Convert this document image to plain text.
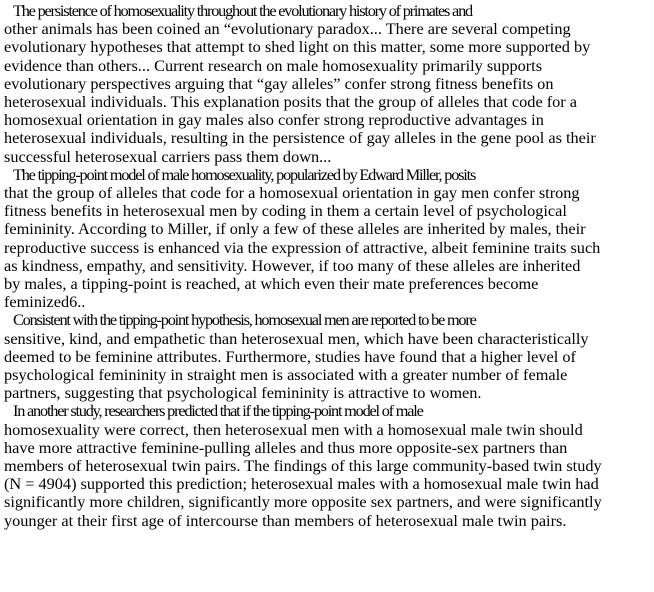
The persistence of homosexuality throughout the evolutionary history of primates and
other animals has been coined an “evolutionary paradox... There are several competing
evolutionary hypotheses that attempt to shed light on this matter, some more supported by
evidence than others... Current research on male homosexuality primarily supports
evolutionary perspectives arguing that “gay alleles” confer strong fitness benefits on
heterosexual individuals. This explanation posits that the group of alleles that code for a
homosexual orientation in gay males also confer strong reproductive advantages in
heterosexual individuals, resulting in the persistence of gay alleles in the gene pool as their
successful heterosexual carriers pass them down...

The tipping-point model of male homosexuality, popularized by Edward Miller, posits
that the group of alleles that code for a homosexual orientation in gay men confer strong
fitness benefits in heterosexual men by coding in them a certain level of psychological
femininity. According to Miller, if only a few of these alleles are inherited by males, their
reproductive success is enhanced via the expression of attractive, albeit feminine traits such
as kindness, empathy, and sensitivity. However, if too many of these alleles are inherited
by males, a tipping-point is reached, at which even their mate preferences become
feminized6..

Consistent with the tipping-point hypothesis, homosexual men are reported to be more
sensitive, kind, and empathetic than heterosexual men, which have been characteristically
deemed to be feminine attributes. Furthermore, studies have found that a higher level of
psychological femininity in straight men is associated with a greater number of female
partners, suggesting that psychological femininity is attractive to women.

In another study, researchers predicted that if the tipping-point model of male
homosexuality were correct, then heterosexual men with a homosexual male twin should
have more attractive feminine-pulling alleles and thus more opposite-sex partners than
members of heterosexual twin pairs. The findings of this large community-based twin study
(N = 4904) supported this prediction; heterosexual males with a homosexual male twin had
significantly more children, significantly more opposite sex partners, and were significantly
younger at their first age of intercourse than members of heterosexual male twin pairs.
